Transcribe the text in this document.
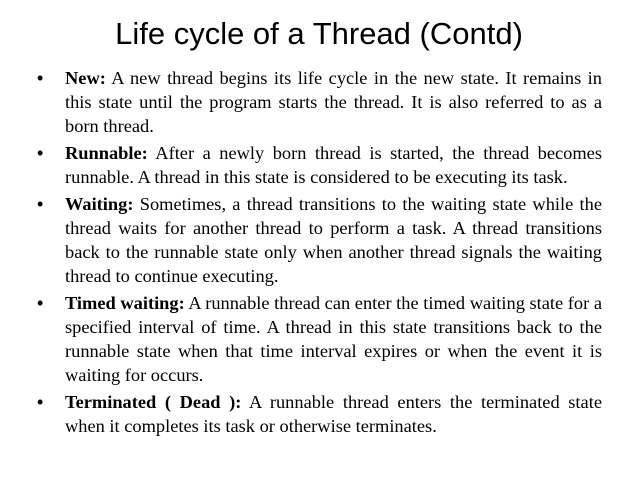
Life cycle of a Thread (Contd)
• New: A new thread begins its life cycle in the new state. It remains in this state until the program starts the thread. It is also referred to as a born thread.
• Runnable: After a newly born thread is started, the thread becomes runnable. A thread in this state is considered to be executing its task.
• Waiting: Sometimes, a thread transitions to the waiting state while the thread waits for another thread to perform a task. A thread transitions back to the runnable state only when another thread signals the waiting thread to continue executing.
• Timed waiting: A runnable thread can enter the timed waiting state for a specified interval of time. A thread in this state transitions back to the runnable state when that time interval expires or when the event it is waiting for occurs.
• Terminated ( Dead ): A runnable thread enters the terminated state when it completes its task or otherwise terminates.
